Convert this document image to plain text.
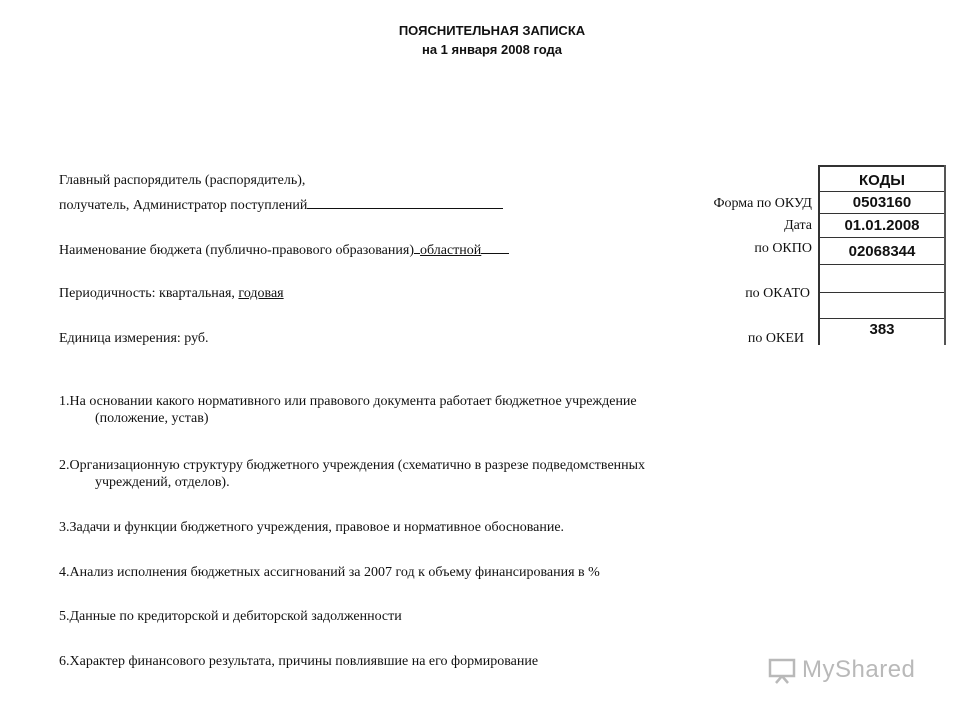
ПОЯСНИТЕЛЬНАЯ ЗАПИСКА
на 1 января 2008 года
Главный распорядитель (распорядитель),
получатель, Администратор поступлений
Наименование бюджета (публично-правового образования) областной
Периодичность: квартальная, годовая
Единица измерения: руб.
Форма по ОКУД
Дата
по ОКПО
по ОКАТО
по ОКЕИ
КОДЫ
0503160
01.01.2008
02068344
383
1.На основании какого нормативного или правового документа работает бюджетное учреждение
(положение, устав)
2.Организационную структуру бюджетного учреждения (схематично в разрезе подведомственных
учреждений, отделов).
3.Задачи и функции бюджетного учреждения, правовое и нормативное обоснование.
4.Анализ исполнения бюджетных ассигнований за 2007 год к объему финансирования в %
5.Данные по кредиторской и дебиторской задолженности
6.Характер финансового результата, причины повлиявшие на его формирование	MyShared
